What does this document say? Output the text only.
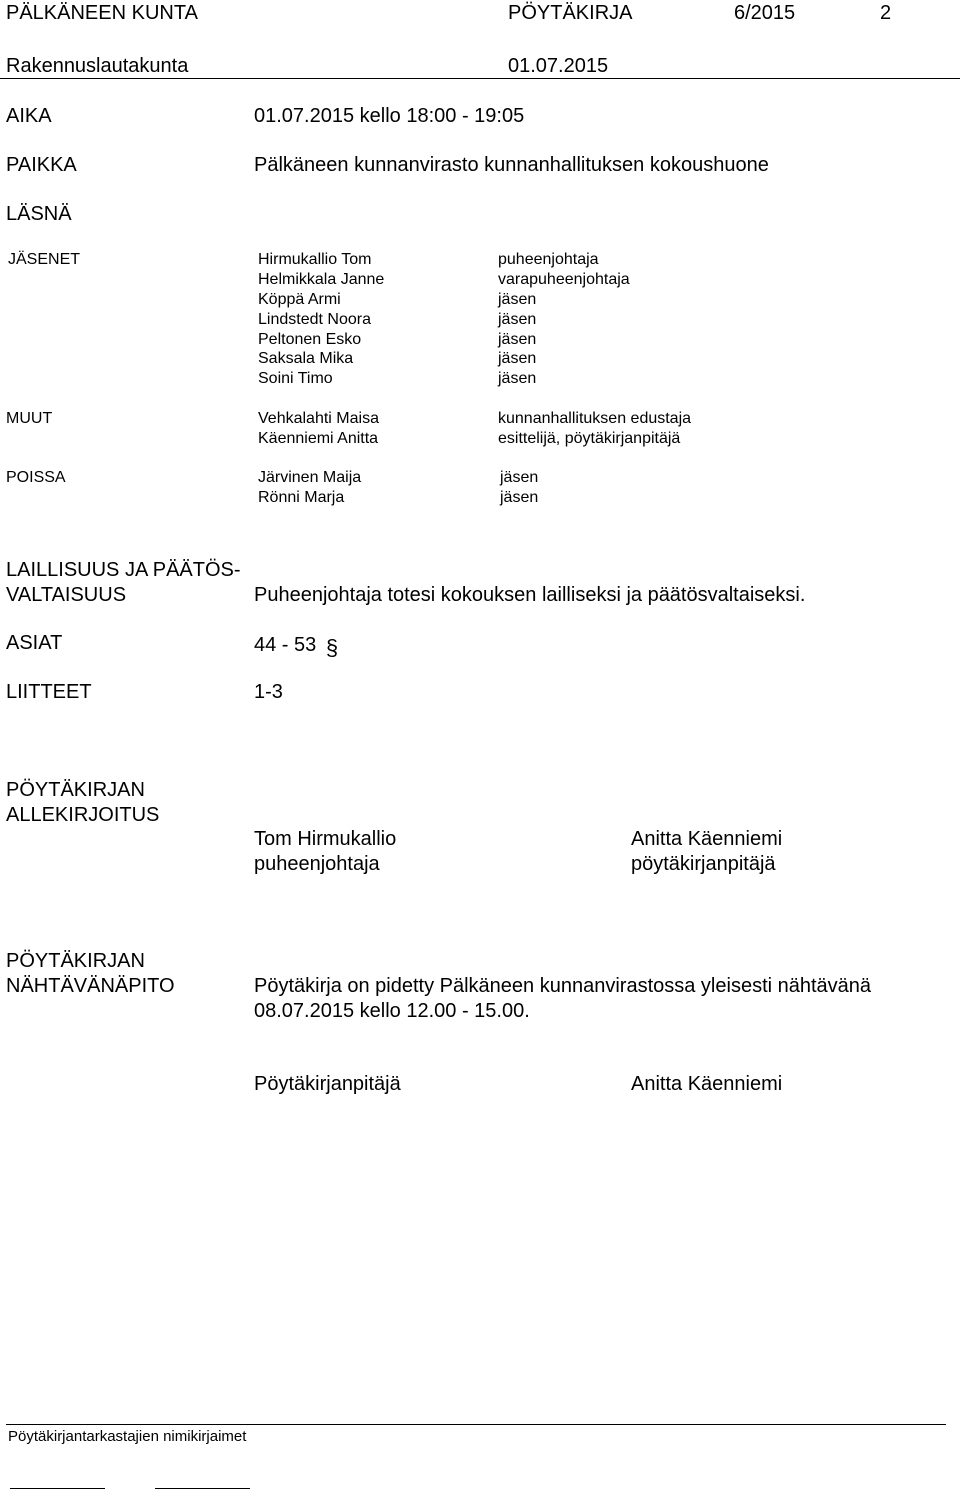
PÄLKÄNEEN KUNTA	PÖYTÄKIRJA	6/2015	2
Rakennuslautakunta	01.07.2015
AIKA	01.07.2015 kello 18:00 - 19:05
PAIKKA	Pälkäneen kunnanvirasto kunnanhallituksen kokoushuone
LÄSNÄ
JÄSENET	Hirmukallio Tom	puheenjohtaja
Helmikkala Janne	varapuheenjohtaja
Köppä Armi	jäsen
Lindstedt Noora	jäsen
Peltonen Esko	jäsen
Saksala Mika	jäsen
Soini Timo	jäsen
MUUT	Vehkalahti Maisa	kunnanhallituksen edustaja
Käenniemi Anitta	esittelijä, pöytäkirjanpitäjä
POISSA	Järvinen Maija	jäsen
Rönni Marja	jäsen
LAILLISUUS JA PÄÄTÖS-
VALTAISUUS	Puheenjohtaja totesi kokouksen lailliseksi ja päätösvaltaiseksi.
ASIAT	44 - 53 §
LIITTEET	1-3
PÖYTÄKIRJAN
ALLEKIRJOITUS
Tom Hirmukallio
puheenjohtaja
Anitta Käenniemi
pöytäkirjanpitäjä
PÖYTÄKIRJAN
NÄHTÄVÄNÄPITO	Pöytäkirja on pidetty Pälkäneen kunnanvirastossa yleisesti nähtävänä
08.07.2015 kello 12.00 - 15.00.
Pöytäkirjanpitäjä	Anitta Käenniemi
Pöytäkirjantarkastajien nimikirjaimet
